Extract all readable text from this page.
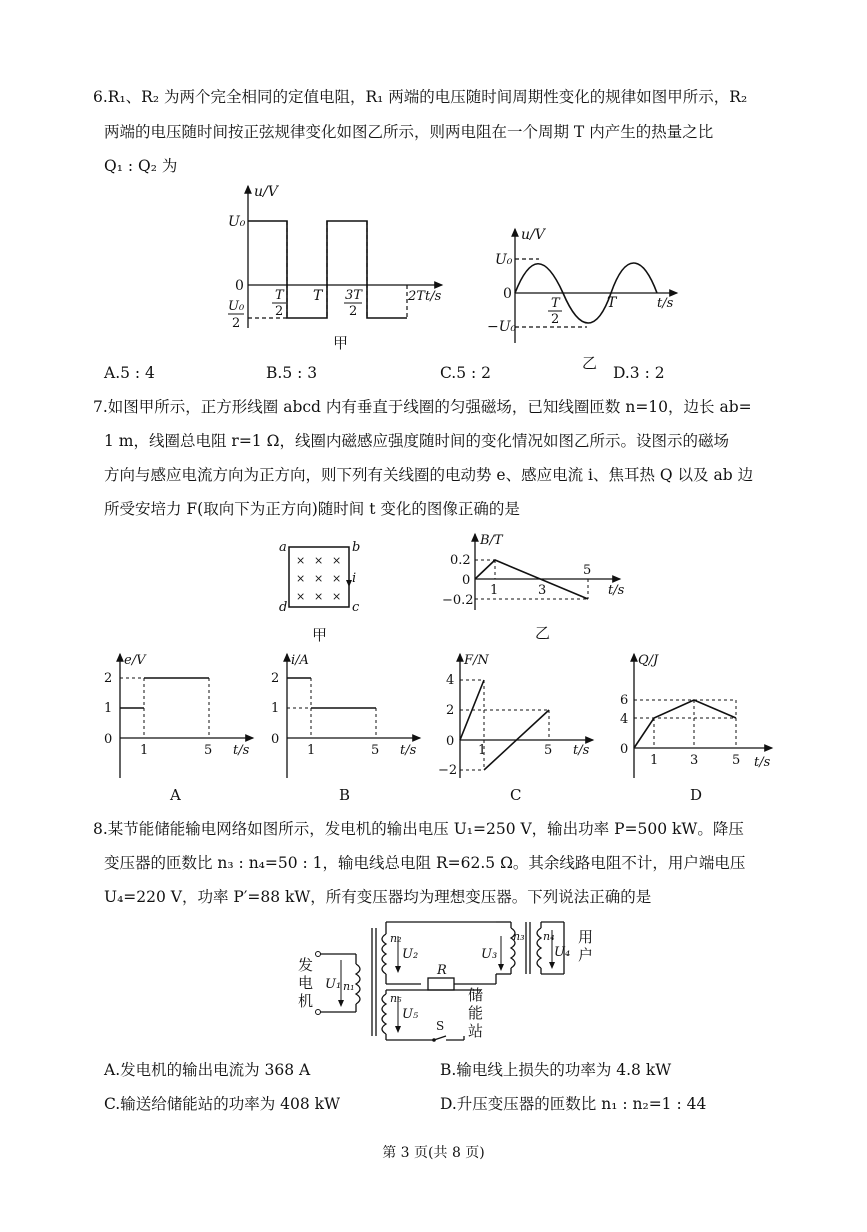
6.R₁、R₂ 为两个完全相同的定值电阻，R₁ 两端的电压随时间周期性变化的规律如图甲所示，R₂
两端的电压随时间按正弦规律变化如图乙所示，则两电阻在一个周期 T 内产生的热量之比
Q₁ : Q₂ 为
u/V
U₀
0
U₀
2
T
2
T 3T
2
2T t/s
甲
u/V
U₀
0
−U₀
T
2
T	t/s
乙
A.5 : 4	B.5 : 3	C.5 : 2	D.3 : 2
7.如图甲所示，正方形线圈 abcd 内有垂直于线圈的匀强磁场，已知线圈匝数 n=10，边长 ab=
1 m，线圈总电阻 r=1 Ω，线圈内磁感应强度随时间的变化情况如图乙所示。设图示的磁场
方向与感应电流方向为正方向，则下列有关线圈的电动势 e、感应电流 i、焦耳热 Q 以及 ab 边
所受安培力 F(取向下为正方向)随时间 t 变化的图像正确的是
a	b
c
d
i
× × ×
× × ×
× × ×
甲
B/T
0.2
0
−0.2
1	3
5
t/s
乙
e/V
2
1
0
1	5 t/s
A
i/A
2
1
0
1	5 t/s
B
F/N
4
2
0
−2
1	5 t/s
C
Q/J
6
4
0
1 3	5 t/s
D
8.某节能储能输电网络如图所示，发电机的输出电压 U₁=250 V，输出功率 P=500 kW。降压
变压器的匝数比 n₃ : n₄=50 : 1，输电线总电阻 R=62.5 Ω。其余线路电阻不计，用户端电压
U₄=220 V，功率 P′=88 kW，所有变压器均为理想变压器。下列说法正确的是
发电机
U₁ n₁
n₂
U₂
R
n₃
U₃
n₄
U₄
用户
n₅
U₅
S
储能站
A.发电机的输出电流为 368 A	B.输电线上损失的功率为 4.8 kW
C.输送给储能站的功率为 408 kW	D.升压变压器的匝数比 n₁ : n₂=1 : 44
第 3 页(共 8 页)
